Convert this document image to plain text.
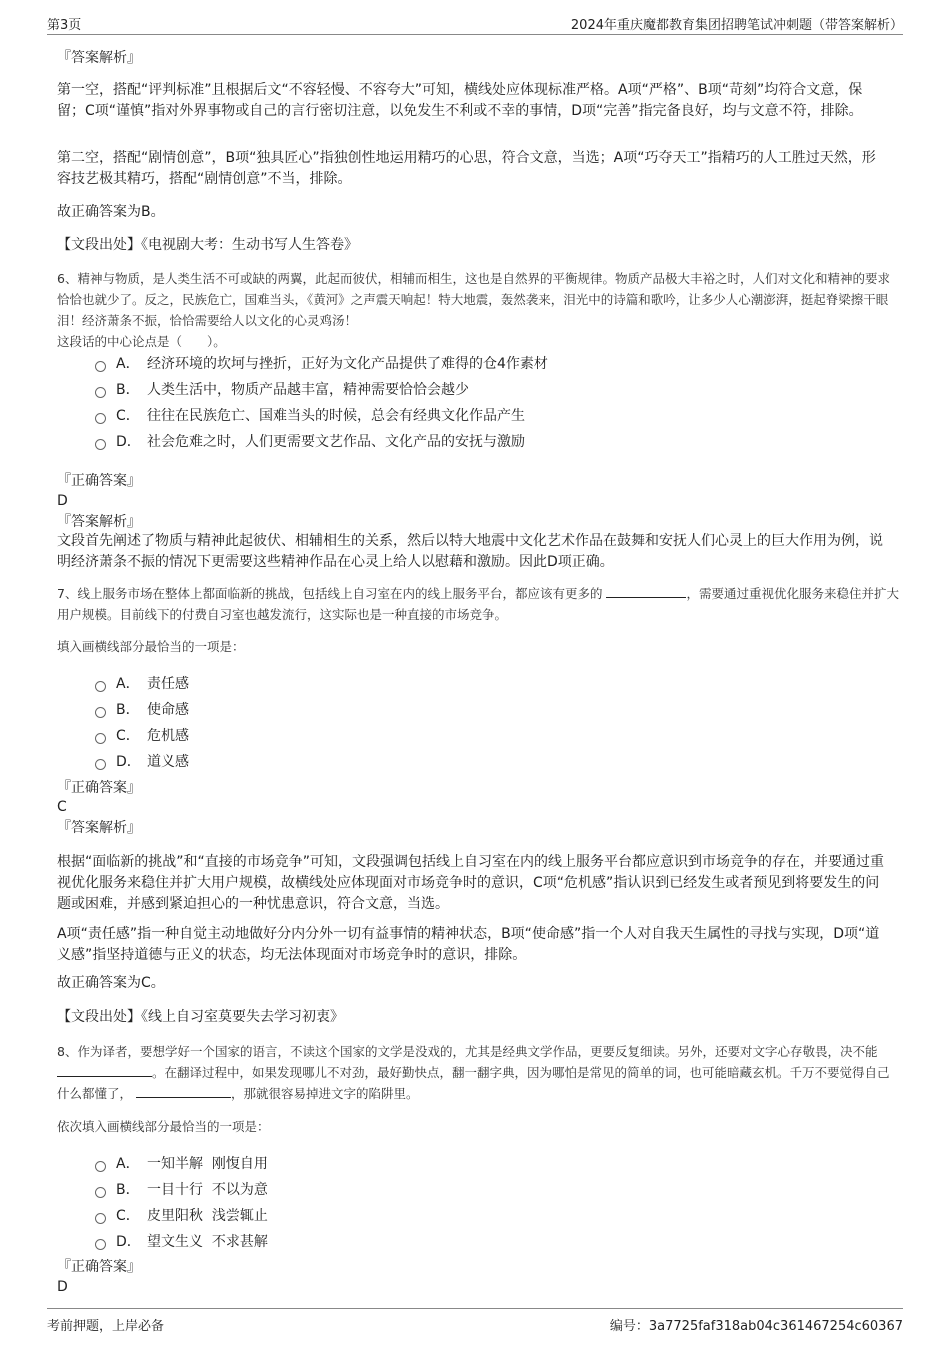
第3页	2024年重庆魔都教育集团招聘笔试冲刺题（带答案解析）
『答案解析』
第一空，搭配“评判标准”且根据后文“不容轻慢、不容夸大”可知，横线处应体现标准严格。A项“严格”、B项“苛刻”均符合文意，保留；C项“谨慎”指对外界事物或自己的言行密切注意，以免发生不利或不幸的事情，D项“完善”指完备良好，均与文意不符，排除。
第二空，搭配“剧情创意”，B项“独具匠心”指独创性地运用精巧的心思，符合文意，当选；A项“巧夺天工”指精巧的人工胜过天然，形容技艺极其精巧，搭配“剧情创意”不当，排除。
故正确答案为B。
【文段出处】《电视剧大考：生动书写人生答卷》
6、精神与物质，是人类生活不可或缺的两翼，此起而彼伏，相辅而相生，这也是自然界的平衡规律。物质产品极大丰裕之时，人们对文化和精神的要求恰恰也就少了。反之，民族危亡，国难当头，《黄河》之声震天响起！特大地震，轰然袭来，泪光中的诗篇和歌吟，让多少人心潮澎湃，挺起脊梁擦干眼泪！经济萧条不振，恰恰需要给人以文化的心灵鸡汤！
这段话的中心论点是（　　）。
A． 经济环境的坎坷与挫折，正好为文化产品提供了难得的仓4作素材
B． 人类生活中，物质产品越丰富，精神需要恰恰会越少
C． 往往在民族危亡、国难当头的时候，总会有经典文化作品产生
D． 社会危难之时，人们更需要文艺作品、文化产品的安抚与激励
『正确答案』
D
『答案解析』
文段首先阐述了物质与精神此起彼伏、相辅相生的关系，然后以特大地震中文化艺术作品在鼓舞和安抚人们心灵上的巨大作用为例，说明经济萧条不振的情况下更需要这些精神作品在心灵上给人以慰藉和激励。因此D项正确。
7、线上服务市场在整体上都面临新的挑战，包括线上自习室在内的线上服务平台，都应该有更多的	，需要通过重视优化服务来稳住并扩大用户规模。目前线下的付费自习室也越发流行，这实际也是一种直接的市场竞争。
填入画横线部分最恰当的一项是：
A． 责任感
B． 使命感
C． 危机感
D． 道义感
『正确答案』
C
『答案解析』
根据“面临新的挑战”和“直接的市场竞争”可知，文段强调包括线上自习室在内的线上服务平台都应意识到市场竞争的存在，并要通过重视优化服务来稳住并扩大用户规模，故横线处应体现面对市场竞争时的意识，C项“危机感”指认识到已经发生或者预见到将要发生的问题或困难，并感到紧迫担心的一种忧患意识，符合文意，当选。
A项“责任感”指一种自觉主动地做好分内分外一切有益事情的精神状态，B项“使命感”指一个人对自我天生属性的寻找与实现，D项“道义感”指坚持道德与正义的状态，均无法体现面对市场竞争时的意识，排除。
故正确答案为C。
【文段出处】《线上自习室莫要失去学习初衷》
8、作为译者，要想学好一个国家的语言，不读这个国家的文学是没戏的，尤其是经典文学作品，更要反复细读。另外，还要对文字心存敬畏，决不能 。在翻译过程中，如果发现哪儿不对劲，最好勤快点，翻一翻字典，因为哪怕是常见的简单的词，也可能暗藏玄机。千万不要觉得自己什么都懂了，	，那就很容易掉进文字的陷阱里。
依次填入画横线部分最恰当的一项是：
A． 一知半解  刚愎自用
B． 一目十行  不以为意
C． 皮里阳秋  浅尝辄止
D． 望文生义  不求甚解
『正确答案』
D
考前押题，上岸必备	编号：3a7725faf318ab04c361467254c60367
